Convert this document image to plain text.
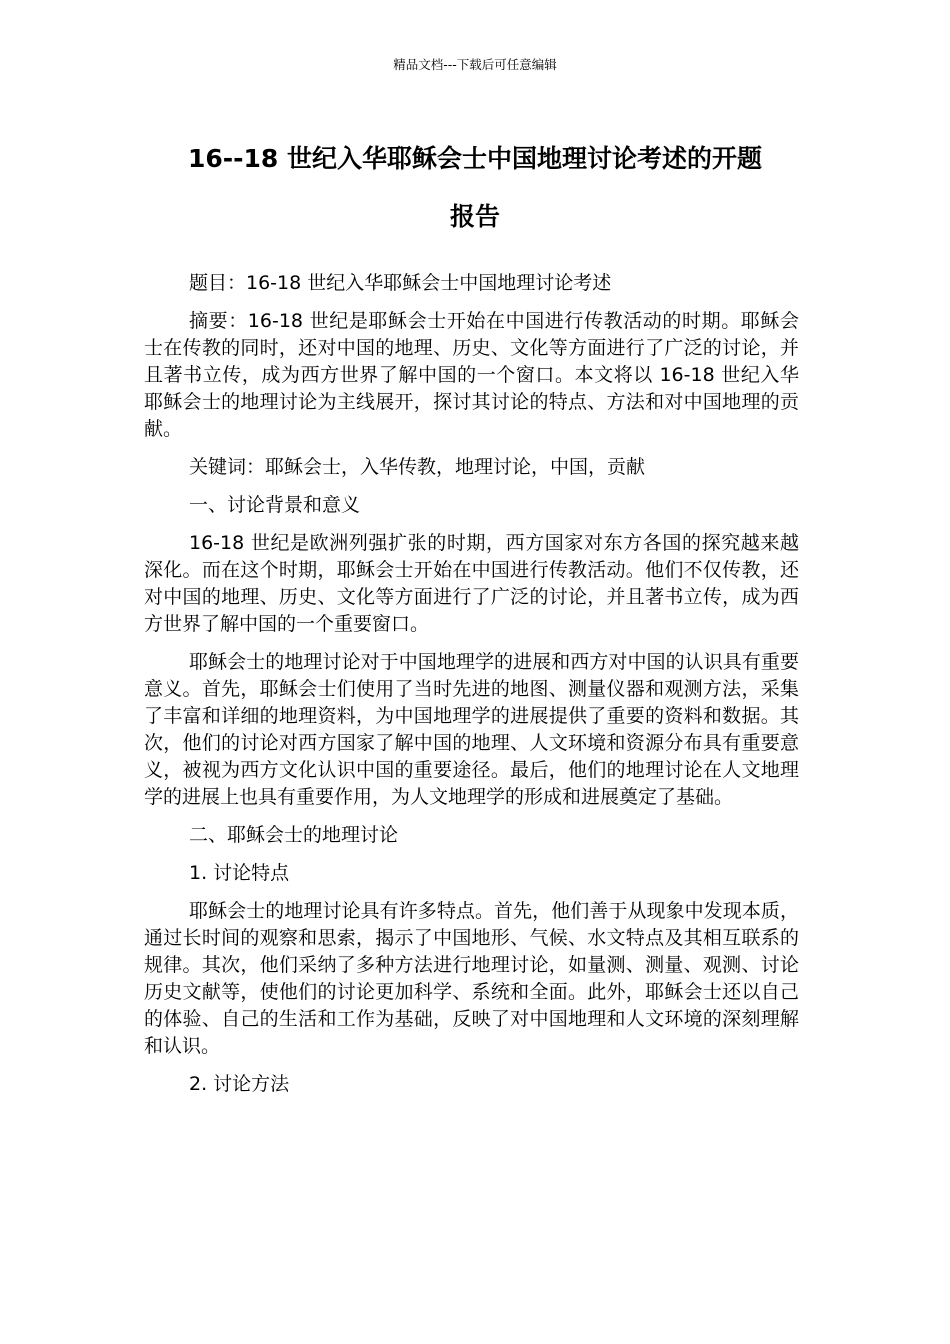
精品文档---下载后可任意编辑
16--18 世纪入华耶稣会士中国地理讨论考述的开题
报告

题目：16-18 世纪入华耶稣会士中国地理讨论考述

摘要：16-18 世纪是耶稣会士开始在中国进行传教活动的时期。耶稣会士在传教的同时，还对中国的地理、历史、文化等方面进行了广泛的讨论，并且著书立传，成为西方世界了解中国的一个窗口。本文将以 16-18 世纪入华耶稣会士的地理讨论为主线展开，探讨其讨论的特点、方法和对中国地理的贡献。

关键词：耶稣会士，入华传教，地理讨论，中国，贡献

一、讨论背景和意义

16-18 世纪是欧洲列强扩张的时期，西方国家对东方各国的探究越来越深化。而在这个时期，耶稣会士开始在中国进行传教活动。他们不仅传教，还对中国的地理、历史、文化等方面进行了广泛的讨论，并且著书立传，成为西方世界了解中国的一个重要窗口。

耶稣会士的地理讨论对于中国地理学的进展和西方对中国的认识具有重要意义。首先，耶稣会士们使用了当时先进的地图、测量仪器和观测方法，采集了丰富和详细的地理资料，为中国地理学的进展提供了重要的资料和数据。其次，他们的讨论对西方国家了解中国的地理、人文环境和资源分布具有重要意义，被视为西方文化认识中国的重要途径。最后，他们的地理讨论在人文地理学的进展上也具有重要作用，为人文地理学的形成和进展奠定了基础。

二、耶稣会士的地理讨论

1. 讨论特点

耶稣会士的地理讨论具有许多特点。首先，他们善于从现象中发现本质，通过长时间的观察和思索，揭示了中国地形、气候、水文特点及其相互联系的规律。其次，他们采纳了多种方法进行地理讨论，如量测、测量、观测、讨论历史文献等，使他们的讨论更加科学、系统和全面。此外，耶稣会士还以自己的体验、自己的生活和工作为基础，反映了对中国地理和人文环境的深刻理解和认识。

2. 讨论方法
